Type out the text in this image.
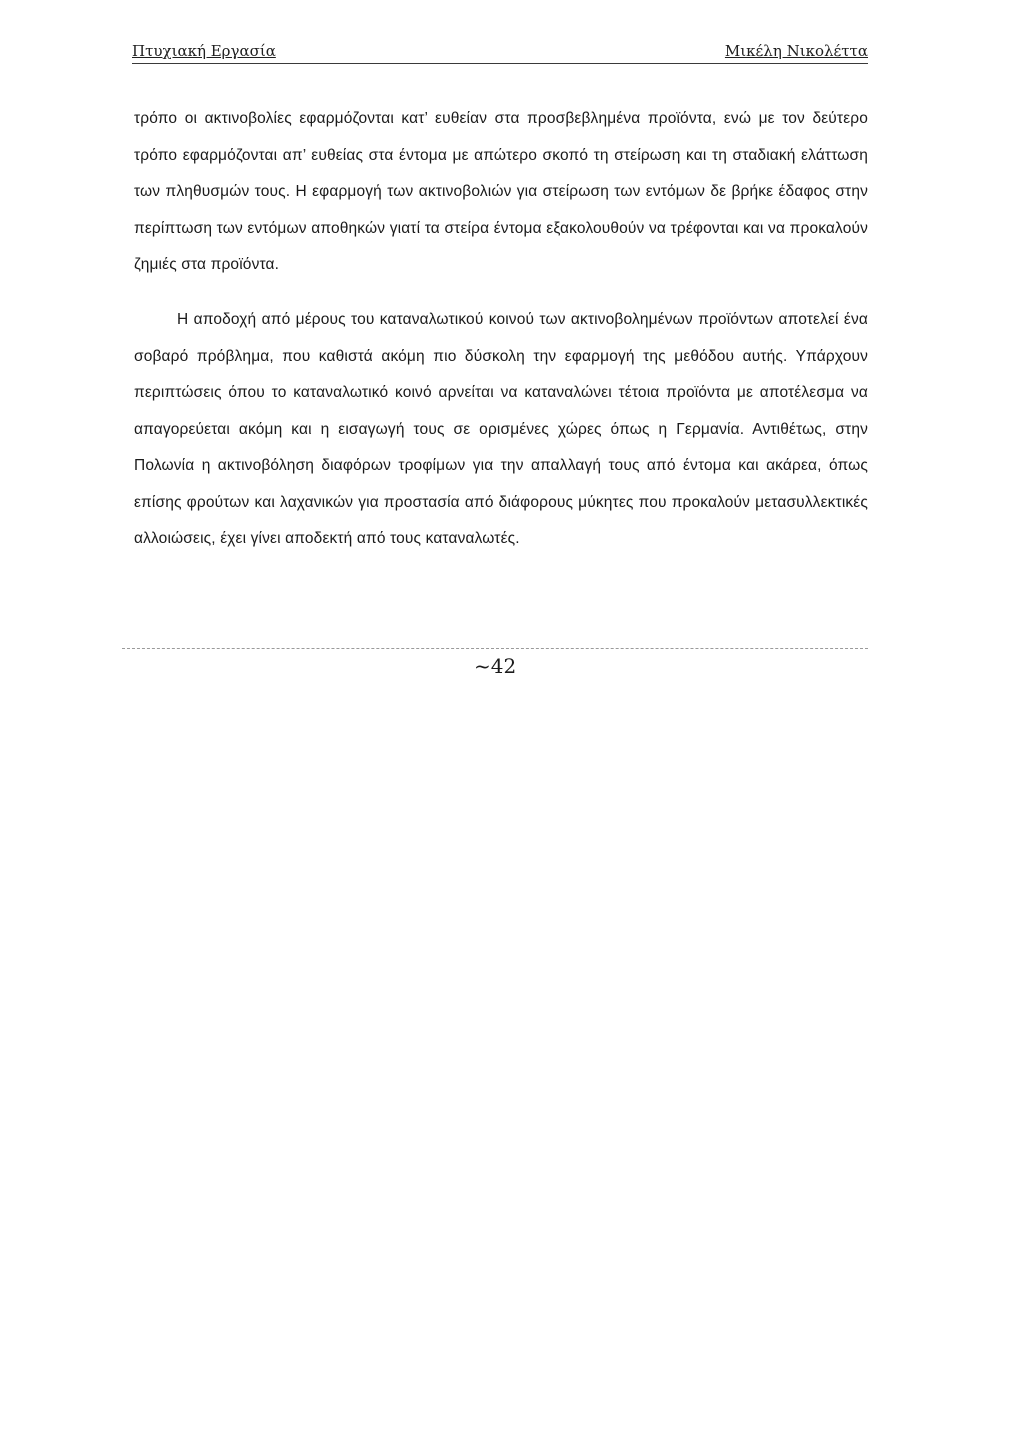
Πτυχιακή Εργασία	Μικέλη Νικολέττα

τρόπο οι ακτινοβολίες εφαρμόζονται κατ’ ευθείαν στα προσβεβλημένα προϊόντα, ενώ με τον δεύτερο τρόπο εφαρμόζονται απ’ ευθείας στα έντομα με απώτερο σκοπό τη στείρωση και τη σταδιακή ελάττωση των πληθυσμών τους. Η εφαρμογή των ακτινοβολιών για στείρωση των εντόμων δε βρήκε έδαφος στην περίπτωση των εντόμων αποθηκών γιατί τα στείρα έντομα εξακολουθούν να τρέφονται και να προκαλούν ζημιές στα προϊόντα.

Η αποδοχή από μέρους του καταναλωτικού κοινού των ακτινοβολημένων προϊόντων αποτελεί ένα σοβαρό πρόβλημα, που καθιστά ακόμη πιο δύσκολη την εφαρμογή της μεθόδου αυτής. Υπάρχουν περιπτώσεις όπου το καταναλωτικό κοινό αρνείται να καταναλώνει τέτοια προϊόντα με αποτέλεσμα να απαγορεύεται ακόμη και η εισαγωγή τους σε ορισμένες χώρες όπως η Γερμανία. Αντιθέτως, στην Πολωνία η ακτινοβόληση διαφόρων τροφίμων για την απαλλαγή τους από έντομα και ακάρεα, όπως επίσης φρούτων και λαχανικών για προστασία από διάφορους μύκητες που προκαλούν μετασυλλεκτικές αλλοιώσεις, έχει γίνει αποδεκτή από τους καταναλωτές.

~42
